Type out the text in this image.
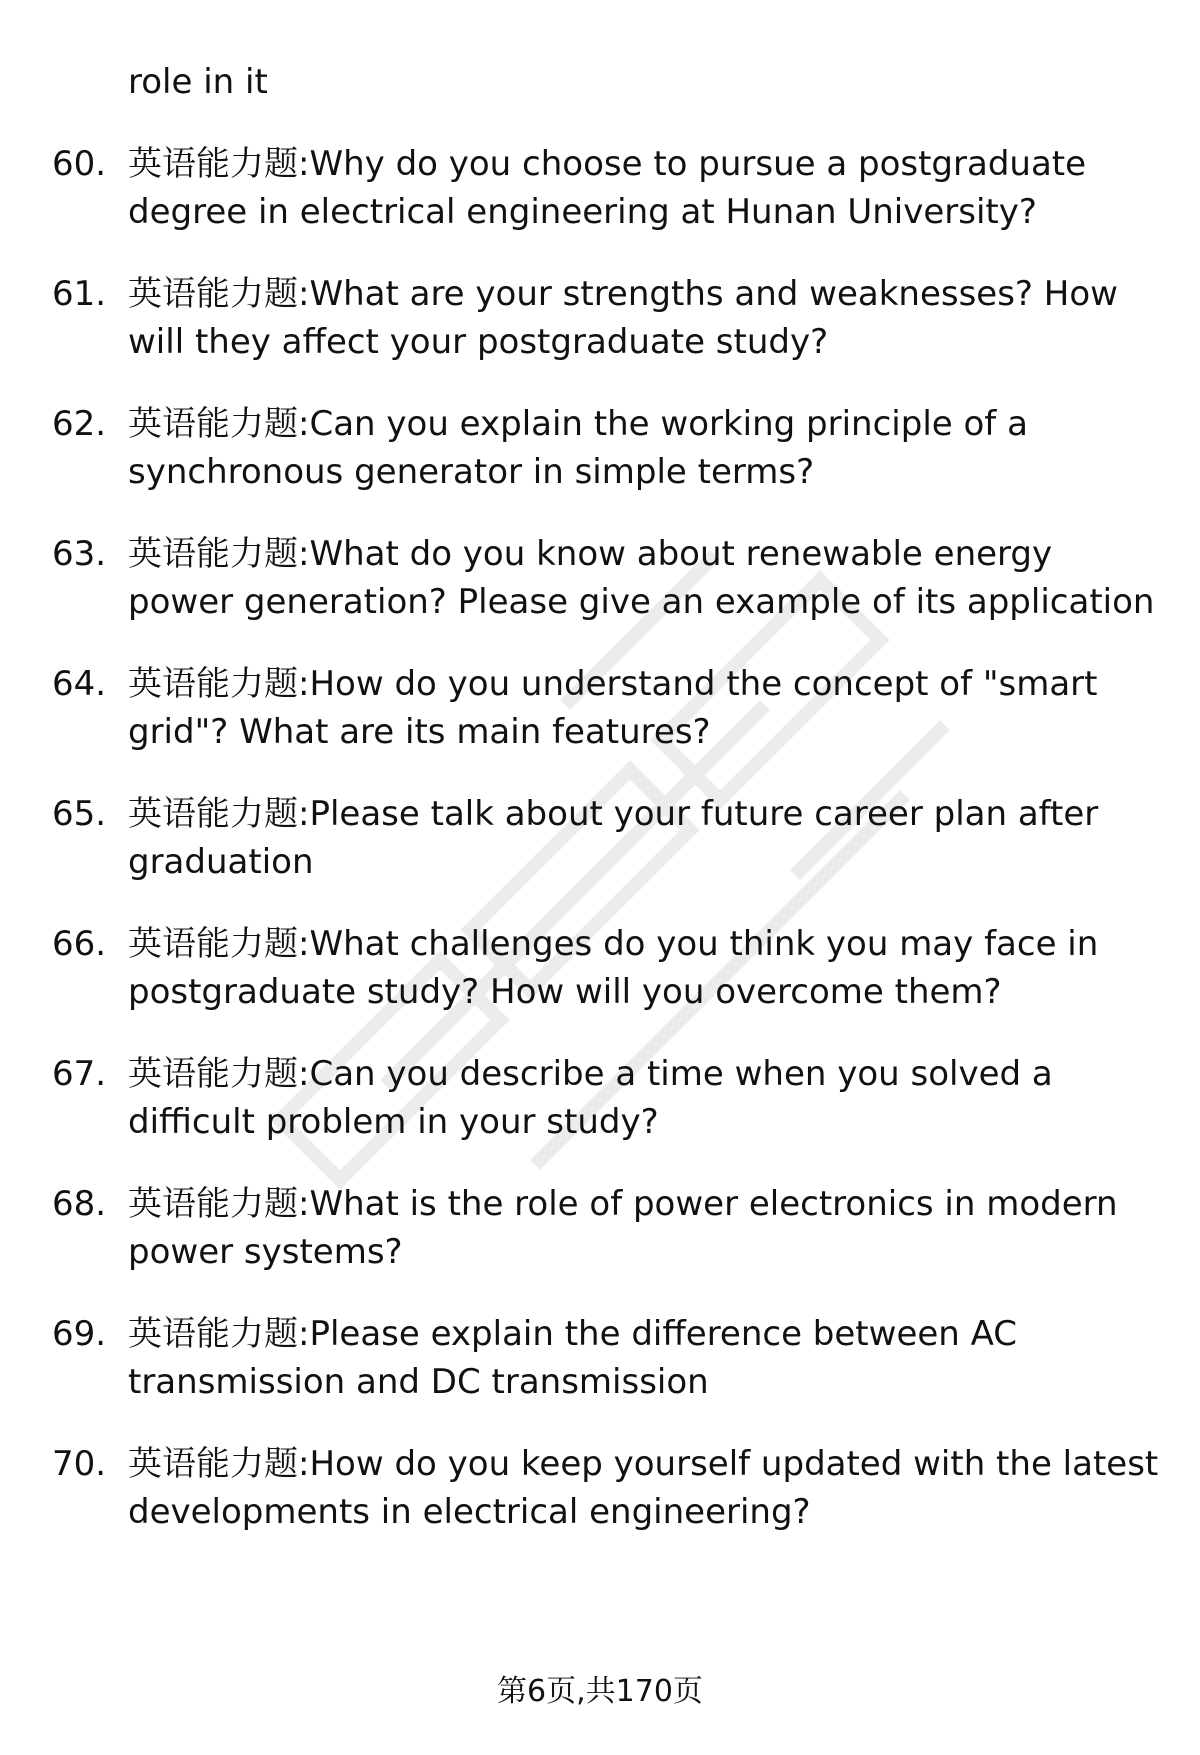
role in it
60. 英语能力题:Why do you choose to pursue a postgraduate degree in electrical engineering at Hunan University?
61. 英语能力题:What are your strengths and weaknesses? How will they affect your postgraduate study?
62. 英语能力题:Can you explain the working principle of a synchronous generator in simple terms?
63. 英语能力题:What do you know about renewable energy power generation? Please give an example of its application
64. 英语能力题:How do you understand the concept of "smart grid"? What are its main features?
65. 英语能力题:Please talk about your future career plan after graduation
66. 英语能力题:What challenges do you think you may face in postgraduate study? How will you overcome them?
67. 英语能力题:Can you describe a time when you solved a difficult problem in your study?
68. 英语能力题:What is the role of power electronics in modern power systems?
69. 英语能力题:Please explain the difference between AC transmission and DC transmission
70. 英语能力题:How do you keep yourself updated with the latest developments in electrical engineering?
第6页,共170页
